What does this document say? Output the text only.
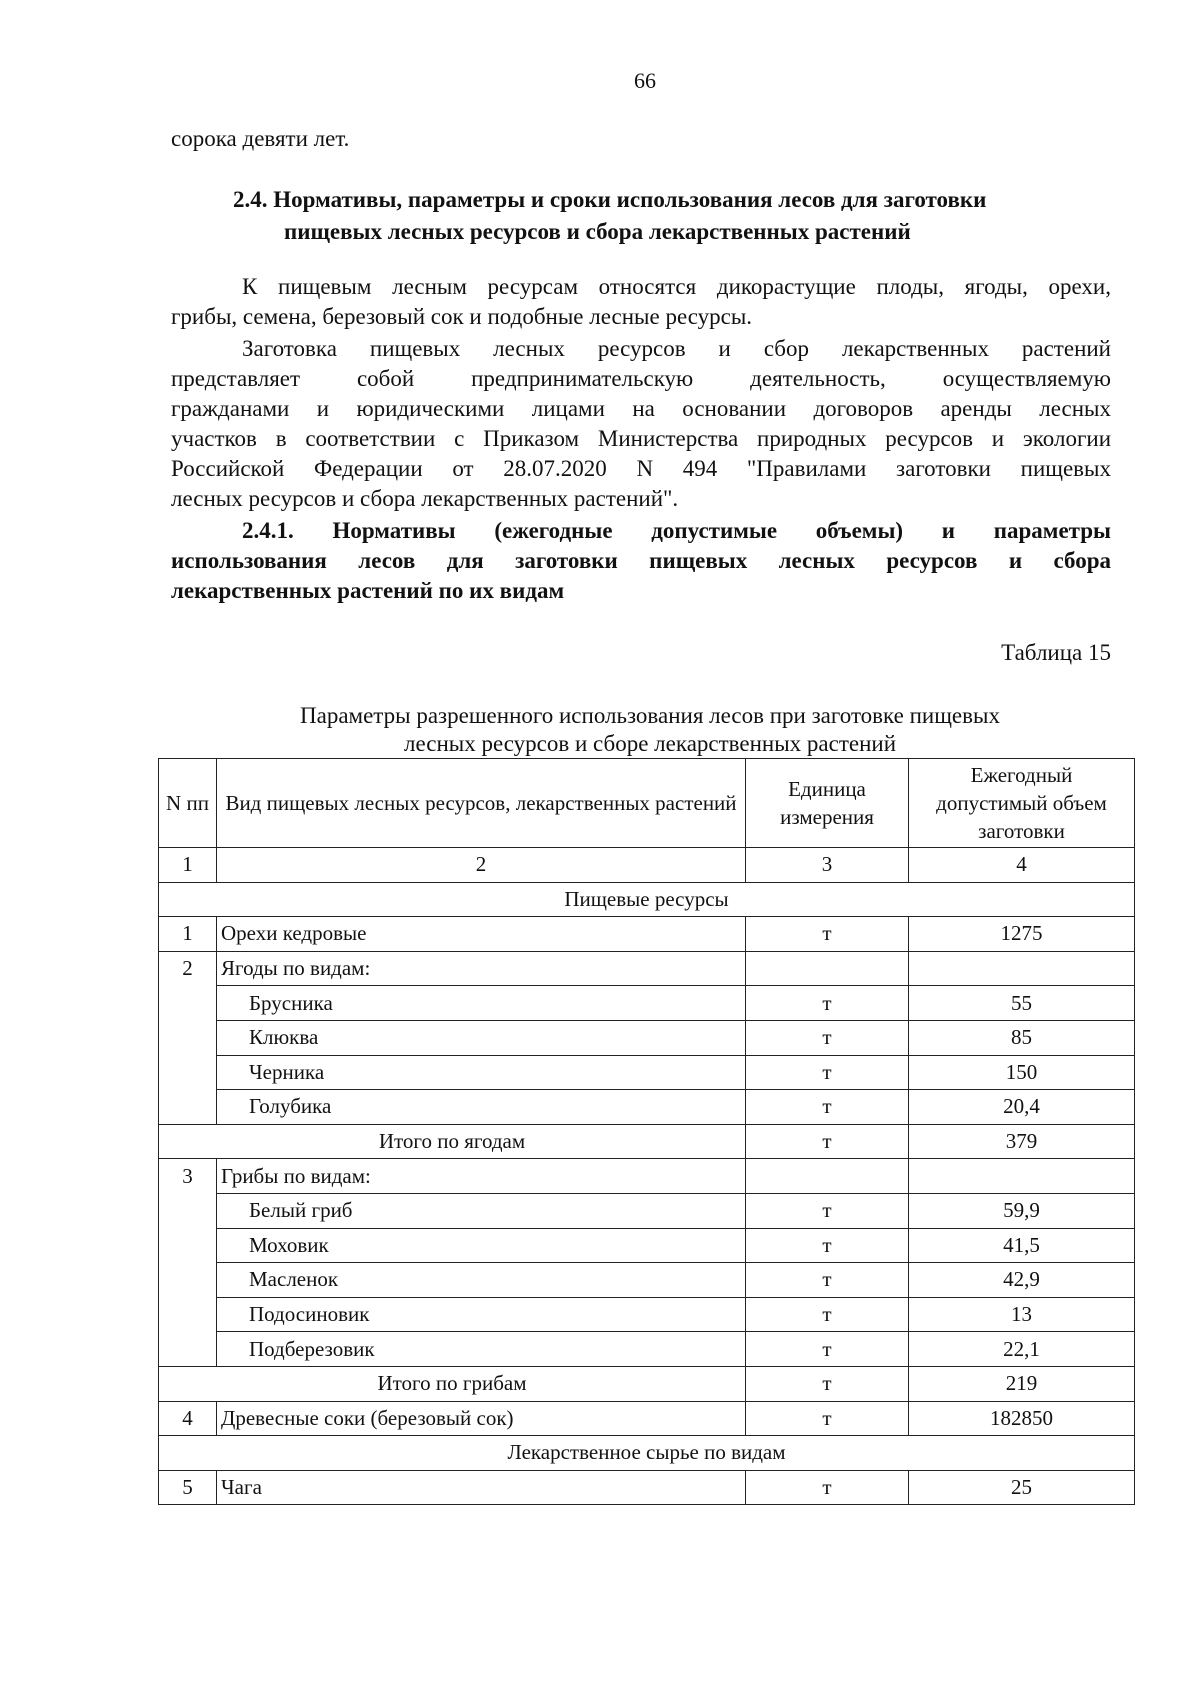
66
сорока девяти лет.
2.4. Нормативы, параметры и сроки использования лесов для заготовки
пищевых лесных ресурсов и сбора лекарственных растений
К пищевым лесным ресурсам относятся дикорастущие плоды, ягоды, орехи,
грибы, семена, березовый сок и подобные лесные ресурсы.
Заготовка пищевых лесных ресурсов и сбор лекарственных растений
представляет собой предпринимательскую деятельность, осуществляемую
гражданами и юридическими лицами на основании договоров аренды лесных
участков в соответствии с Приказом Министерства природных ресурсов и экологии
Российской Федерации от 28.07.2020 N 494 "Правилами заготовки пищевых
лесных ресурсов и сбора лекарственных растений".
2.4.1. Нормативы (ежегодные допустимые объемы) и параметры
использования лесов для заготовки пищевых лесных ресурсов и сбора
лекарственных растений по их видам
Таблица 15
Параметры разрешенного использования лесов при заготовке пищевых
лесных ресурсов и сборе лекарственных растений
N пп	Вид пищевых лесных ресурсов, лекарственных растений	Единица измерения	Ежегодный допустимый объем заготовки
1	2	3	4
Пищевые ресурсы			
1	Орехи кедровые	т	1275
2	Ягоды по видам:		
	Брусника	т	55
	Клюква	т	85
	Черника	т	150
	Голубика	т	20,4
Итого по ягодам		т	379
3	Грибы по видам:		
	Белый гриб	т	59,9
	Моховик	т	41,5
	Масленок	т	42,9
	Подосиновик	т	13
	Подберезовик	т	22,1
Итого по грибам		т	219
4	Древесные соки (березовый сок)	т	182850
Лекарственное сырье по видам			
5	Чага	т	25
